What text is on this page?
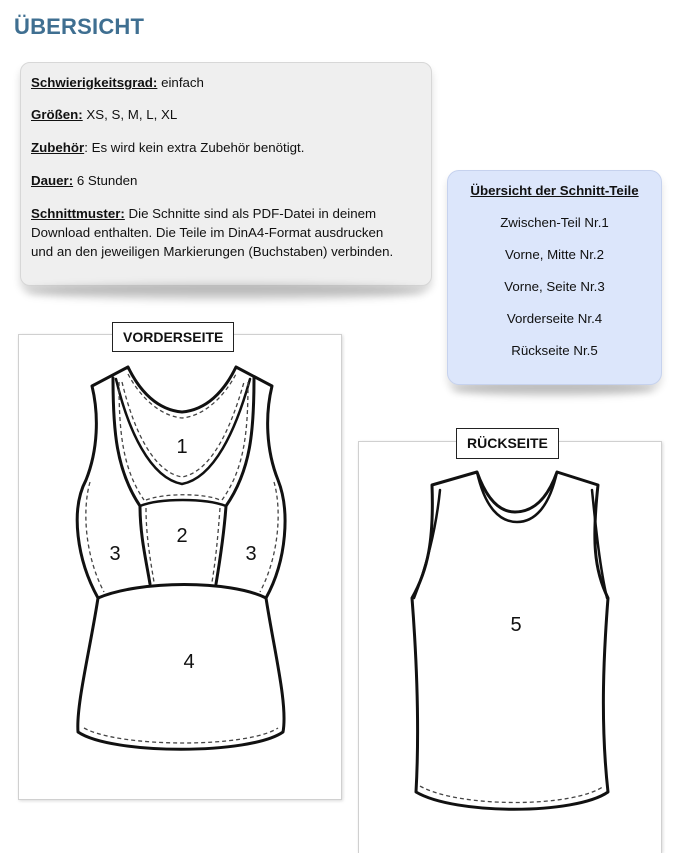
ÜBERSICHT

Schwierigkeitsgrad: einfach

Größen: XS, S, M, L, XL

Zubehör: Es wird kein extra Zubehör benötigt.

Dauer: 6 Stunden

Schnittmuster: Die Schnitte sind als PDF-Datei in deinem
Download enthalten. Die Teile im DinA4-Format ausdrucken
und an den jeweiligen Markierungen (Buchstaben) verbinden.

Übersicht der Schnitt-Teile

Zwischen-Teil Nr.1
Vorne, Mitte Nr.2
Vorne, Seite Nr.3
Vorderseite Nr.4
Rückseite Nr.5
1
2
3	3
4
5
VORDERSEITE
RÜCKSEITE
